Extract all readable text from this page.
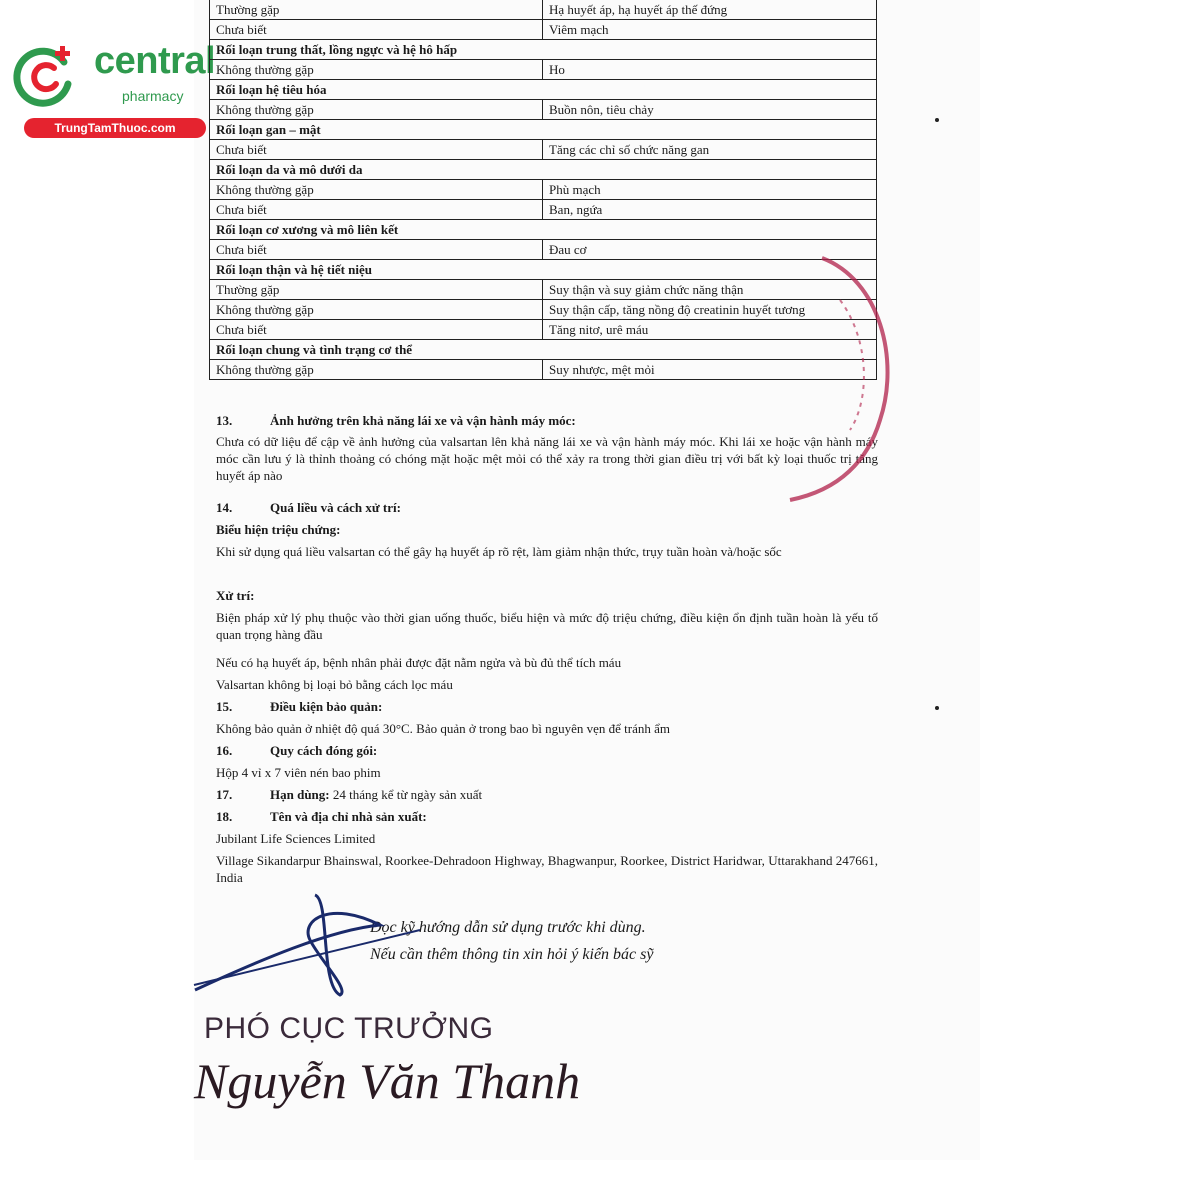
central
pharmacy
TrungTamThuoc.com
Thường gặp	Hạ huyết áp, hạ huyết áp thế đứng
Chưa biết	Viêm mạch
Rối loạn trung thất, lồng ngực và hệ hô hấp	
Không thường gặp	Ho
Rối loạn hệ tiêu hóa	
Không thường gặp	Buồn nôn, tiêu chảy
Rối loạn gan – mật	
Chưa biết	Tăng các chỉ số chức năng gan
Rối loạn da và mô dưới da	
Không thường gặp	Phù mạch
Chưa biết	Ban, ngứa
Rối loạn cơ xương và mô liên kết	
Chưa biết	Đau cơ
Rối loạn thận và hệ tiết niệu	
Thường gặp	Suy thận và suy giảm chức năng thận
Không thường gặp	Suy thận cấp, tăng nồng độ creatinin huyết tương
Chưa biết	Tăng nitơ, urê máu
Rối loạn chung và tình trạng cơ thể	
Không thường gặp	Suy nhược, mệt mỏi
13.	Ảnh hưởng trên khả năng lái xe và vận hành máy móc:
Chưa có dữ liệu để cập về ảnh hưởng của valsartan lên khả năng lái xe và vận hành máy móc. Khi lái xe hoặc vận hành máy móc cần lưu ý là thỉnh thoảng có chóng mặt hoặc mệt mỏi có thể xảy ra trong thời gian điều trị với bất kỳ loại thuốc trị tăng huyết áp nào
14.	Quá liều và cách xử trí:
Biểu hiện triệu chứng:
Khi sử dụng quá liều valsartan có thể gây hạ huyết áp rõ rệt, làm giảm nhận thức, trụy tuần hoàn và/hoặc sốc
Xử trí:
Biện pháp xử lý phụ thuộc vào thời gian uống thuốc, biểu hiện và mức độ triệu chứng, điều kiện ổn định tuần hoàn là yếu tố quan trọng hàng đầu
Nếu có hạ huyết áp, bệnh nhân phải được đặt nằm ngửa và bù đủ thể tích máu
Valsartan không bị loại bỏ bằng cách lọc máu
15.	Điều kiện bảo quản:
Không bảo quản ở nhiệt độ quá 30°C. Bảo quản ở trong bao bì nguyên vẹn để tránh ẩm
16.	Quy cách đóng gói:
Hộp 4 vỉ x 7 viên nén bao phim
17.	Hạn dùng: 24 tháng kể từ ngày sản xuất
18.	Tên và địa chỉ nhà sản xuất:
Jubilant Life Sciences Limited
Village Sikandarpur Bhainswal, Roorkee-Dehradoon Highway, Bhagwanpur, Roorkee, District Haridwar, Uttarakhand 247661, India
Đọc kỹ hướng dẫn sử dụng trước khi dùng.
Nếu cần thêm thông tin xin hỏi ý kiến bác sỹ
PHÓ CỤC TRƯỞNG
Nguyễn Văn Thanh
